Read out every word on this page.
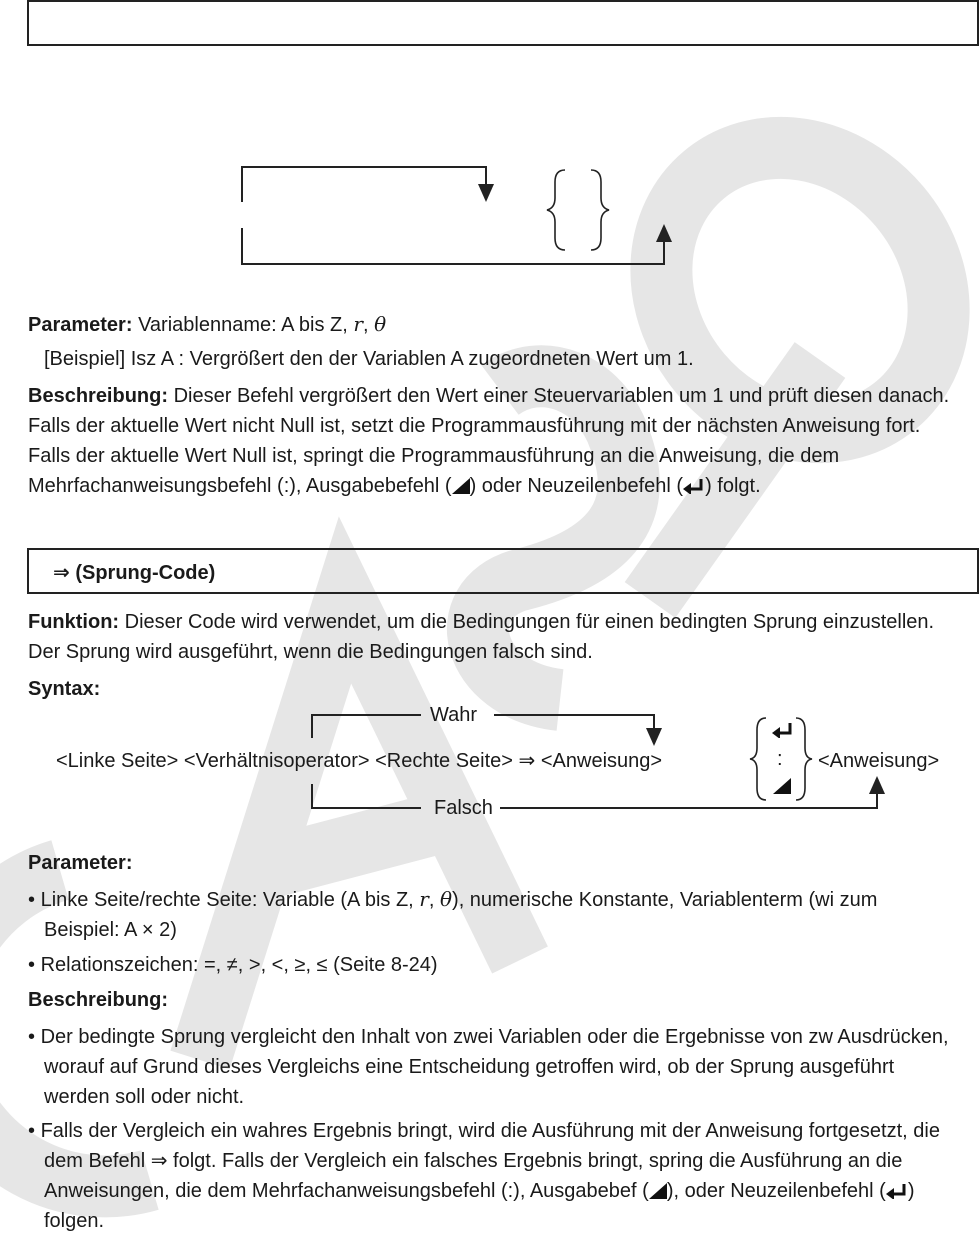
Parameter: Variablenname: A bis Z, r, θ
[Beispiel] Isz A : Vergrößert den der Variablen A zugeordneten Wert um 1.
Beschreibung: Dieser Befehl vergrößert den Wert einer Steuervariablen um 1 und prüft diesen danach. Falls der aktuelle Wert nicht Null ist, setzt die Programmausführung mit der nächsten Anweisung fort. Falls der aktuelle Wert Null ist, springt die Programmausführung an die Anweisung, die dem Mehrfachanweisungsbefehl (:), Ausgabebefehl ( ) oder Neuzeilenbefehl ( ) folgt.
⇒ (Sprung-Code)
Funktion: Dieser Code wird verwendet, um die Bedingungen für einen bedingten Sprung einzustellen. Der Sprung wird ausgeführt, wenn die Bedingungen falsch sind.
Syntax:
Wahr
<Linke Seite> <Verhältnisoperator> <Rechte Seite> ⇒ <Anweisung>	: <Anweisung>
Falsch
Parameter:
• Linke Seite/rechte Seite: Variable (A bis Z, r, θ), numerische Konstante, Variablenterm (wi zum Beispiel: A × 2)
• Relationszeichen: =, ≠, >, <, ≥, ≤ (Seite 8-24)
Beschreibung:
• Der bedingte Sprung vergleicht den Inhalt von zwei Variablen oder die Ergebnisse von zw Ausdrücken, worauf auf Grund dieses Vergleichs eine Entscheidung getroffen wird, ob der Sprung ausgeführt werden soll oder nicht.
• Falls der Vergleich ein wahres Ergebnis bringt, wird die Ausführung mit der Anweisung fortgesetzt, die dem Befehl ⇒ folgt. Falls der Vergleich ein falsches Ergebnis bringt, spring die Ausführung an die Anweisungen, die dem Mehrfachanweisungsbefehl (:), Ausgabebef ( ), oder Neuzeilenbefehl ( ) folgen.
